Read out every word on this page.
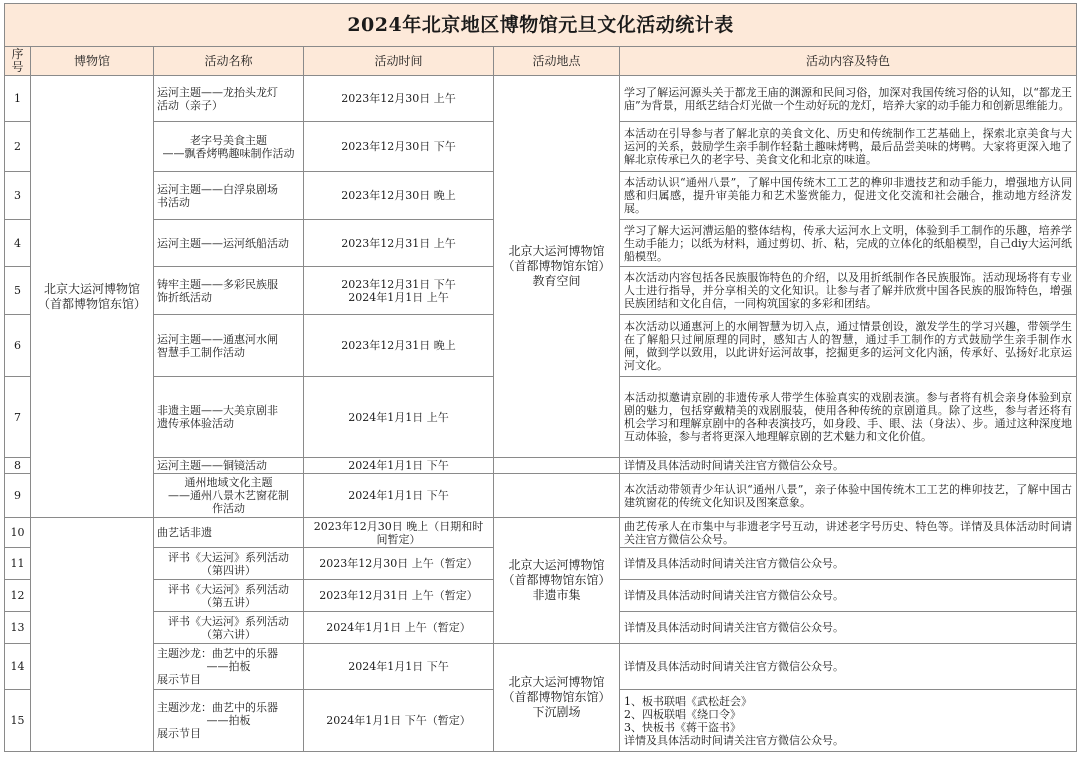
2024年北京地区博物馆元旦文化活动统计表					
序号	博物馆	活动名称	活动时间	活动地点	活动内容及特色
1	北京大运河博物馆
（首都博物馆东馆）	运河主题——龙抬头龙灯
活动（亲子）	2023年12月30日 上午	北京大运河博物馆
（首都博物馆东馆）
教育空间	学习了解运河源头关于都龙王庙的渊源和民间习俗，加深对我国传统习俗的认知，以“都龙王庙”为背景，用纸艺结合灯光做一个生动好玩的龙灯，培养大家的动手能力和创新思维能力。
2		老字号美食主题
——飘香烤鸭趣味制作活动	2023年12月30日 下午		本活动在引导参与者了解北京的美食文化、历史和传统制作工艺基础上，探索北京美食与大运河的关系，鼓励学生亲手制作轻黏土趣味烤鸭，最后品尝美味的烤鸭。大家将更深入地了解北京传承已久的老字号、美食文化和北京的味道。
3		运河主题——白浮泉剧场
书活动	2023年12月30日 晚上		本活动认识“通州八景”，了解中国传统木工工艺的榫卯非遗技艺和动手能力，增强地方认同感和归属感，提升审美能力和艺术鉴赏能力，促进文化交流和社会融合，推动地方经济发展。
4		运河主题——运河纸船活动	2023年12月31日 上午		学习了解大运河漕运船的整体结构，传承大运河水上文明，体验到手工制作的乐趣，培养学生动手能力；以纸为材料，通过剪切、折、粘，完成的立体化的纸船模型，自己diy大运河纸船模型。
5		铸牢主题——多彩民族服
饰折纸活动	2023年12月31日 下午
2024年1月1日 上午		本次活动内容包括各民族服饰特色的介绍，以及用折纸制作各民族服饰。活动现场将有专业人士进行指导，并分享相关的文化知识。让参与者了解并欣赏中国各民族的服饰特色，增强民族团结和文化自信，一同构筑国家的多彩和团结。
6		运河主题——通惠河水闸
智慧手工制作活动	2023年12月31日 晚上		本次活动以通惠河上的水闸智慧为切入点，通过情景创设，激发学生的学习兴趣，带领学生在了解船只过闸原理的同时，感知古人的智慧，通过手工制作的方式鼓励学生亲手制作水闸，做到学以致用，以此讲好运河故事，挖掘更多的运河文化内涵，传承好、弘扬好北京运河文化。
7		非遗主题——大美京剧非
遗传承体验活动	2024年1月1日 上午		本活动拟邀请京剧的非遗传承人带学生体验真实的戏剧表演。参与者将有机会亲身体验到京剧的魅力，包括穿戴精美的戏剧服装，使用各种传统的京剧道具。除了这些，参与者还将有机会学习和理解京剧中的各种表演技巧，如身段、手、眼、法（身法）、步。通过这种深度地互动体验，参与者将更深入地理解京剧的艺术魅力和文化价值。
8		运河主题——铜镜活动	2024年1月1日 下午		详情及具体活动时间请关注官方微信公众号。
9		通州地域文化主题
——通州八景木艺窗花制
作活动	2024年1月1日 下午		本次活动带领青少年认识“通州八景”，亲子体验中国传统木工工艺的榫卯技艺，了解中国古建筑窗花的传统文化知识及图案意象。
10		曲艺话非遗	2023年12月30日 晚上（日期和时
间暂定）	北京大运河博物馆
（首都博物馆东馆）
非遗市集	曲艺传承人在市集中与非遗老字号互动，讲述老字号历史、特色等。详情及具体活动时间请关注官方微信公众号。
11		评书《大运河》系列活动
（第四讲）	2023年12月30日 上午（暂定）		详情及具体活动时间请关注官方微信公众号。
12		评书《大运河》系列活动
（第五讲）	2023年12月31日 上午（暂定）		详情及具体活动时间请关注官方微信公众号。
13		评书《大运河》系列活动
（第六讲）	2024年1月1日 上午（暂定）		详情及具体活动时间请关注官方微信公众号。
14		主题沙龙：曲艺中的乐器
——拍板
展示节目	2024年1月1日 下午	北京大运河博物馆
（首都博物馆东馆）
下沉剧场	详情及具体活动时间请关注官方微信公众号。
15		主题沙龙：曲艺中的乐器
——拍板
展示节目	2024年1月1日 下午（暂定）		1、板书联唱《武松赶会》
2、四板联唱《绕口令》
3、快板书《蒋干盗书》
详情及具体活动时间请关注官方微信公众号。
